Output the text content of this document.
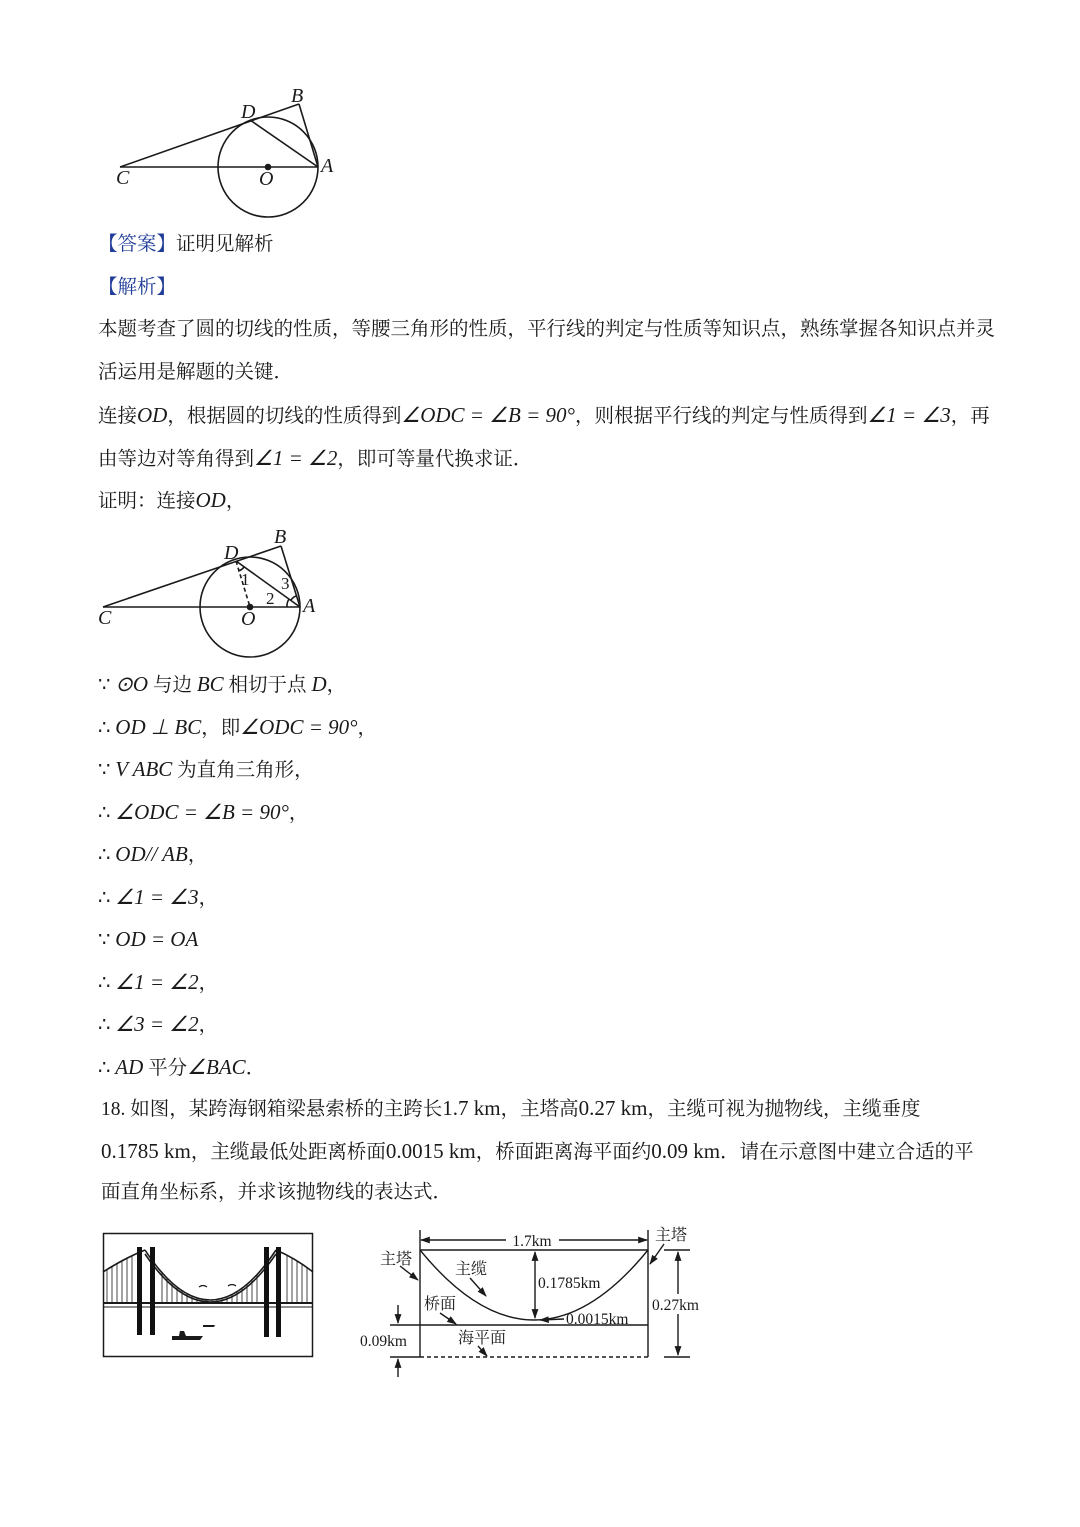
D
B
A
C	O
D
B
A
C	O
1
2
3
1.7km
0.1785km
0.0015km
0.27km
主塔
主塔
主缆
桥面
海平面
0.09km
【答案】证明见解析
【解析】
本题考查了圆的切线的性质，等腰三角形的性质，平行线的判定与性质等知识点，熟练掌握各知识点并灵
活运用是解题的关键．
连接OD，根据圆的切线的性质得到∠ODC = ∠B = 90°，则根据平行线的判定与性质得到∠1 = ∠3，再
由等边对等角得到∠1 = ∠2，即可等量代换求证．
证明：连接OD，
∵ ⊙O 与边 BC 相切于点 D，
∴ OD ⊥ BC，即∠ODC = 90°，
∵ V ABC 为直角三角形，
∴ ∠ODC = ∠B = 90°，
∴ OD// AB，
∴ ∠1 = ∠3，
∵ OD = OA
∴ ∠1 = ∠2，
∴ ∠3 = ∠2，
∴ AD 平分∠BAC．
18. 如图，某跨海钢箱梁悬索桥的主跨长1.7 km，主塔高0.27 km，主缆可视为抛物线，主缆垂度
0.1785 km，主缆最低处距离桥面0.0015 km，桥面距离海平面约0.09 km．请在示意图中建立合适的平
面直角坐标系，并求该抛物线的表达式．
